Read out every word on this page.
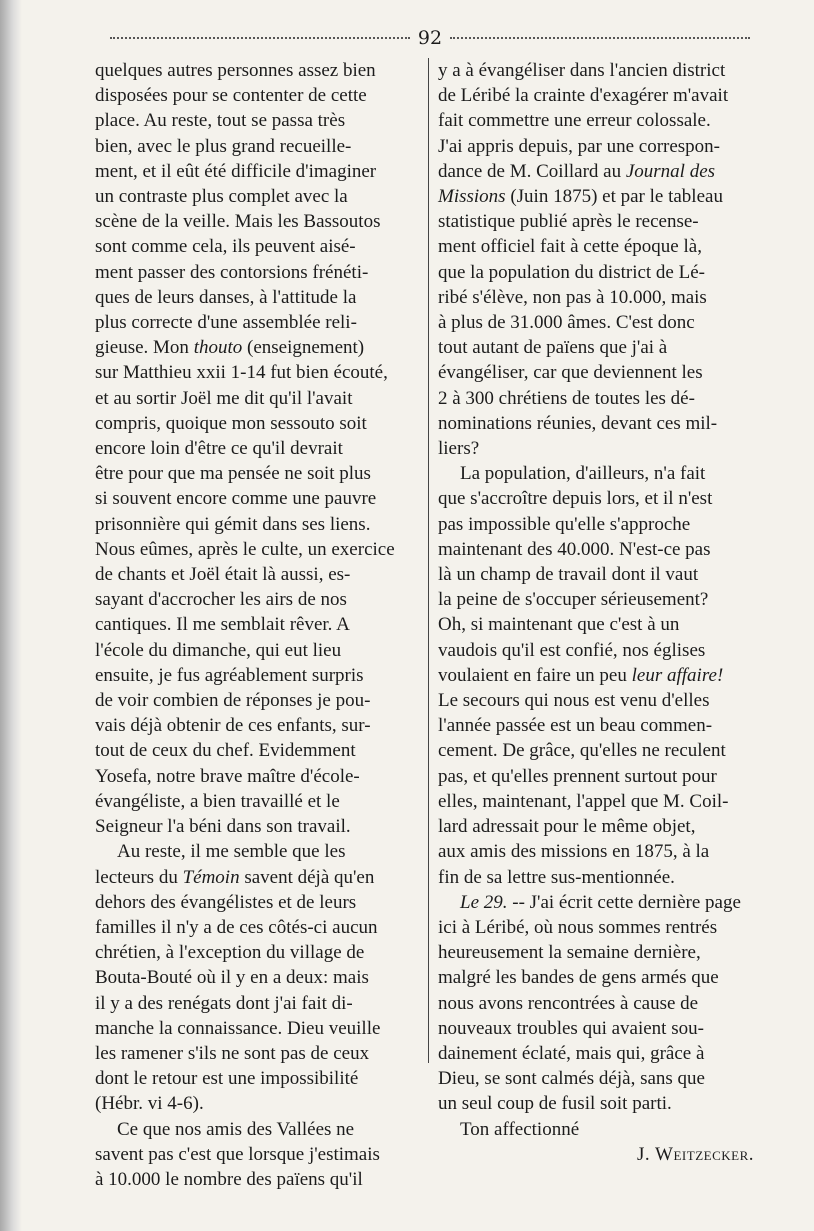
92
quelques autres personnes assez bien
disposées pour se contenter de cette
place. Au reste, tout se passa très
bien, avec le plus grand recueille-
ment, et il eût été difficile d'imaginer
un contraste plus complet avec la
scène de la veille. Mais les Bassoutos
sont comme cela, ils peuvent aisé-
ment passer des contorsions frénéti-
ques de leurs danses, à l'attitude la
plus correcte d'une assemblée reli-
gieuse. Mon thouto (enseignement)
sur Matthieu xxii 1-14 fut bien écouté,
et au sortir Joël me dit qu'il l'avait
compris, quoique mon sessouto soit
encore loin d'être ce qu'il devrait
être pour que ma pensée ne soit plus
si souvent encore comme une pauvre
prisonnière qui gémit dans ses liens.
Nous eûmes, après le culte, un exercice
de chants et Joël était là aussi, es-
sayant d'accrocher les airs de nos
cantiques. Il me semblait rêver. A
l'école du dimanche, qui eut lieu
ensuite, je fus agréablement surpris
de voir combien de réponses je pou-
vais déjà obtenir de ces enfants, sur-
tout de ceux du chef. Evidemment
Yosefa, notre brave maître d'école-
évangéliste, a bien travaillé et le
Seigneur l'a béni dans son travail.
Au reste, il me semble que les
lecteurs du Témoin savent déjà qu'en
dehors des évangélistes et de leurs
familles il n'y a de ces côtés-ci aucun
chrétien, à l'exception du village de
Bouta-Bouté où il y en a deux: mais
il y a des renégats dont j'ai fait di-
manche la connaissance. Dieu veuille
les ramener s'ils ne sont pas de ceux
dont le retour est une impossibilité
(Hébr. vi 4-6).
Ce que nos amis des Vallées ne
savent pas c'est que lorsque j'estimais
à 10.000 le nombre des païens qu'il
y a à évangéliser dans l'ancien district
de Léribé la crainte d'exagérer m'avait
fait commettre une erreur colossale.
J'ai appris depuis, par une correspon-
dance de M. Coillard au Journal des
Missions (Juin 1875) et par le tableau
statistique publié après le recense-
ment officiel fait à cette époque là,
que la population du district de Lé-
ribé s'élève, non pas à 10.000, mais
à plus de 31.000 âmes. C'est donc
tout autant de païens que j'ai à
évangéliser, car que deviennent les
2 à 300 chrétiens de toutes les dé-
nominations réunies, devant ces mil-
liers?
La population, d'ailleurs, n'a fait
que s'accroître depuis lors, et il n'est
pas impossible qu'elle s'approche
maintenant des 40.000. N'est-ce pas
là un champ de travail dont il vaut
la peine de s'occuper sérieusement?
Oh, si maintenant que c'est à un
vaudois qu'il est confié, nos églises
voulaient en faire un peu leur affaire!
Le secours qui nous est venu d'elles
l'année passée est un beau commen-
cement. De grâce, qu'elles ne reculent
pas, et qu'elles prennent surtout pour
elles, maintenant, l'appel que M. Coil-
lard adressait pour le même objet,
aux amis des missions en 1875, à la
fin de sa lettre sus-mentionnée.
Le 29. -- J'ai écrit cette dernière page
ici à Léribé, où nous sommes rentrés
heureusement la semaine dernière,
malgré les bandes de gens armés que
nous avons rencontrées à cause de
nouveaux troubles qui avaient sou-
dainement éclaté, mais qui, grâce à
Dieu, se sont calmés déjà, sans que
un seul coup de fusil soit parti.
Ton affectionné
J. Weitzecker.
